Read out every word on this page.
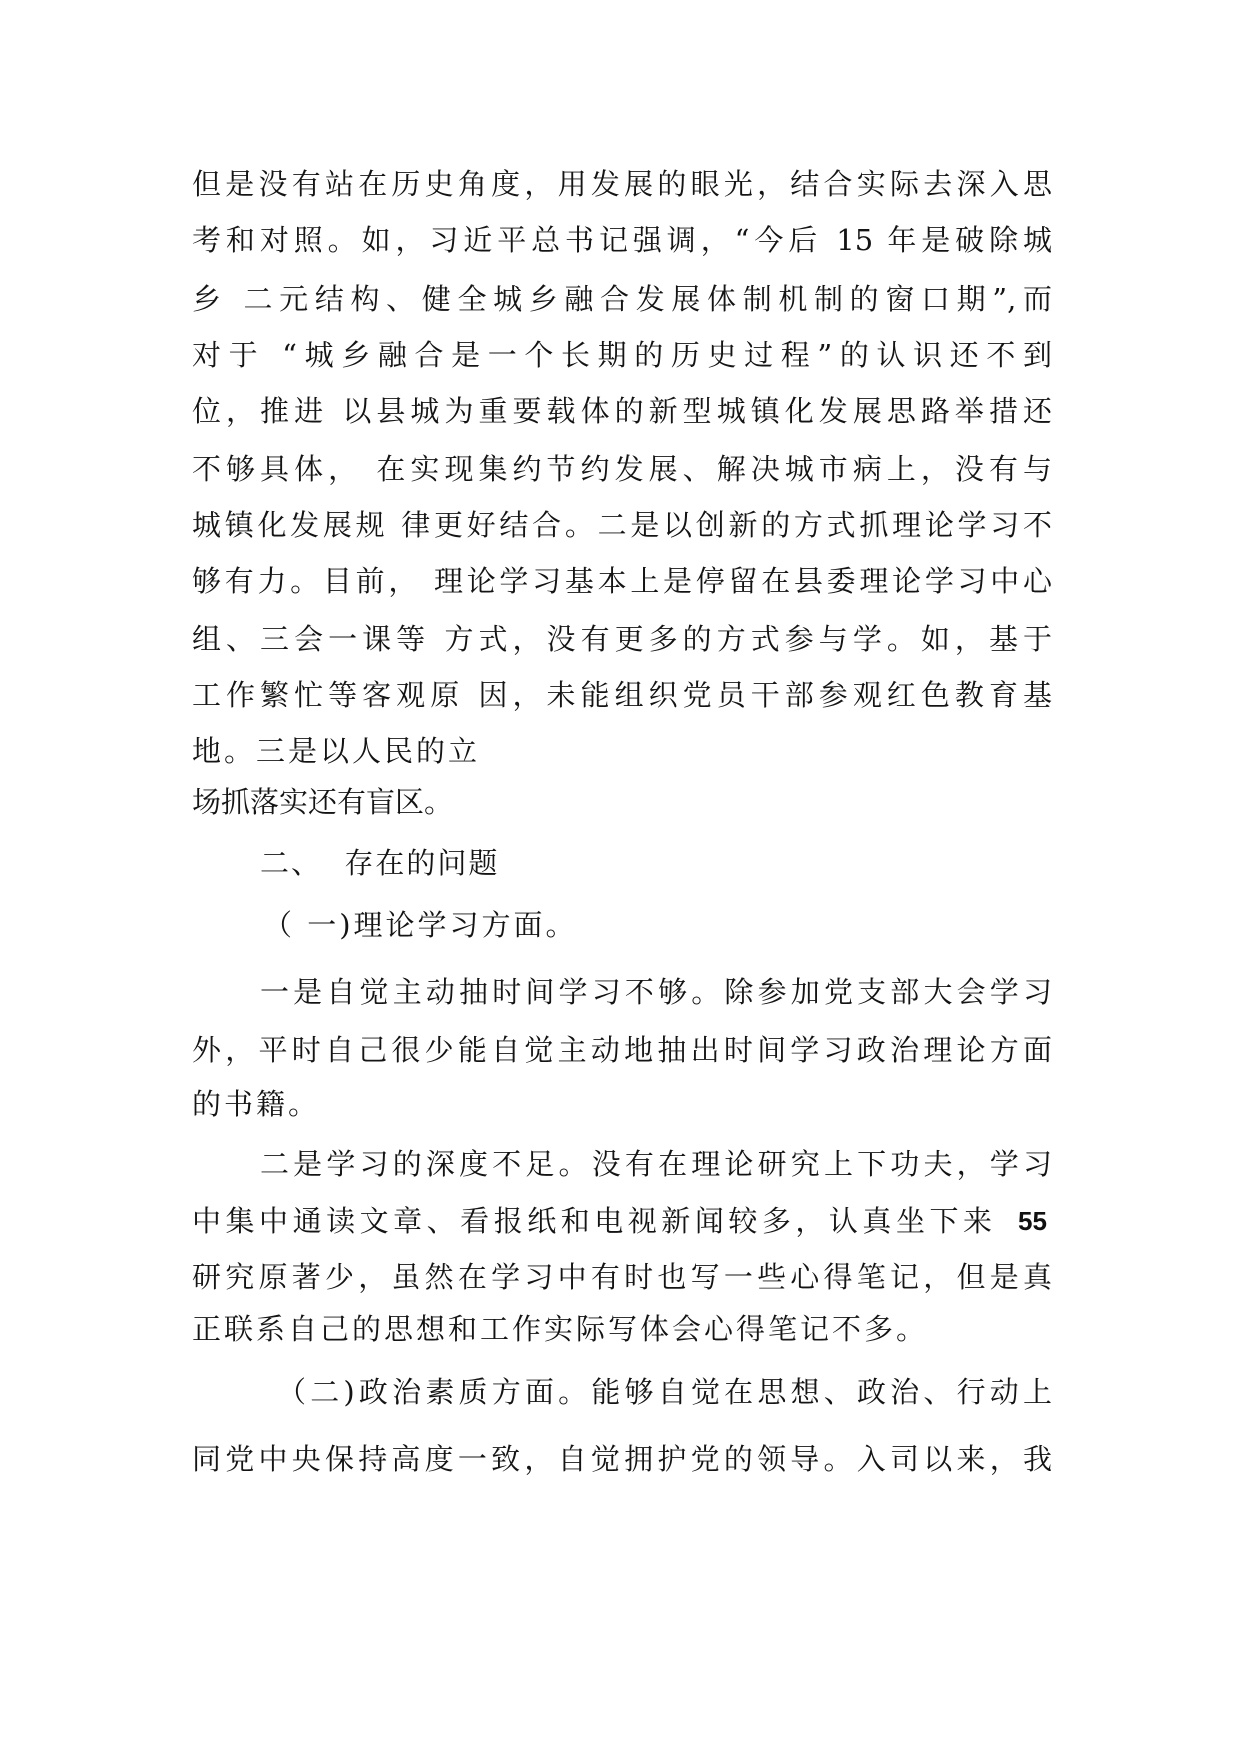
但是没有站在历史角度，用发展的眼光，结合实际去深入思
考和对照。如，习近平总书记强调，“今后 15 年是破除城
乡 二元结构、健全城乡融合发展体制机制的窗口期”,而
对于 “城乡融合是一个长期的历史过程”的认识还不到
位，推进 以县城为重要载体的新型城镇化发展思路举措还
不够具体， 在实现集约节约发展、解决城市病上，没有与
城镇化发展规 律更好结合。二是以创新的方式抓理论学习不
够有力。目前， 理论学习基本上是停留在县委理论学习中心
组、三会一课等 方式，没有更多的方式参与学。如，基于
工作繁忙等客观原 因，未能组织党员干部参观红色教育基
地。三是以人民的立
场抓落实还有盲区。
二、  存在的问题
（ 一)理论学习方面。
一是自觉主动抽时间学习不够。除参加党支部大会学习
外，平时自己很少能自觉主动地抽出时间学习政治理论方面
的书籍。
二是学习的深度不足。没有在理论研究上下功夫，学习
中集中通读文章、看报纸和电视新闻较多，认真坐下来 55
研究原著少，虽然在学习中有时也写一些心得笔记，但是真
正联系自己的思想和工作实际写体会心得笔记不多。
（二)政治素质方面。能够自觉在思想、政治、行动上
同党中央保持高度一致，自觉拥护党的领导。入司以来，我
